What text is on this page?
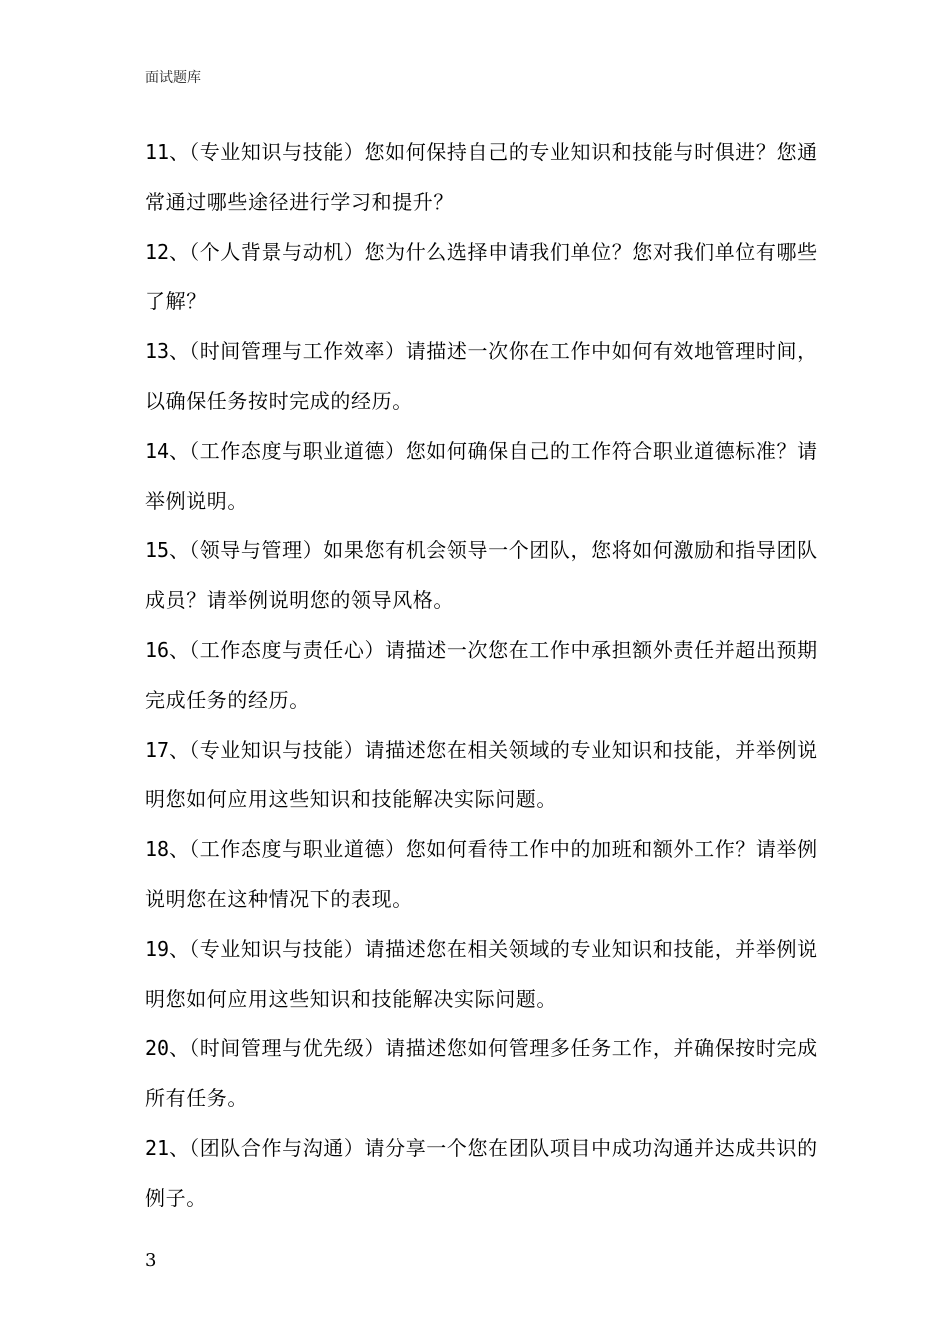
面试题库
11、（专业知识与技能）您如何保持自己的专业知识和技能与时俱进？您通常通过哪些途径进行学习和提升？
12、（个人背景与动机）您为什么选择申请我们单位？您对我们单位有哪些了解？
13、（时间管理与工作效率）请描述一次你在工作中如何有效地管理时间，以确保任务按时完成的经历。
14、（工作态度与职业道德）您如何确保自己的工作符合职业道德标准？请举例说明。
15、（领导与管理）如果您有机会领导一个团队，您将如何激励和指导团队成员？请举例说明您的领导风格。
16、（工作态度与责任心）请描述一次您在工作中承担额外责任并超出预期完成任务的经历。
17、（专业知识与技能）请描述您在相关领域的专业知识和技能，并举例说明您如何应用这些知识和技能解决实际问题。
18、（工作态度与职业道德）您如何看待工作中的加班和额外工作？请举例说明您在这种情况下的表现。
19、（专业知识与技能）请描述您在相关领域的专业知识和技能，并举例说明您如何应用这些知识和技能解决实际问题。
20、（时间管理与优先级）请描述您如何管理多任务工作，并确保按时完成所有任务。
21、（团队合作与沟通）请分享一个您在团队项目中成功沟通并达成共识的例子。
3
